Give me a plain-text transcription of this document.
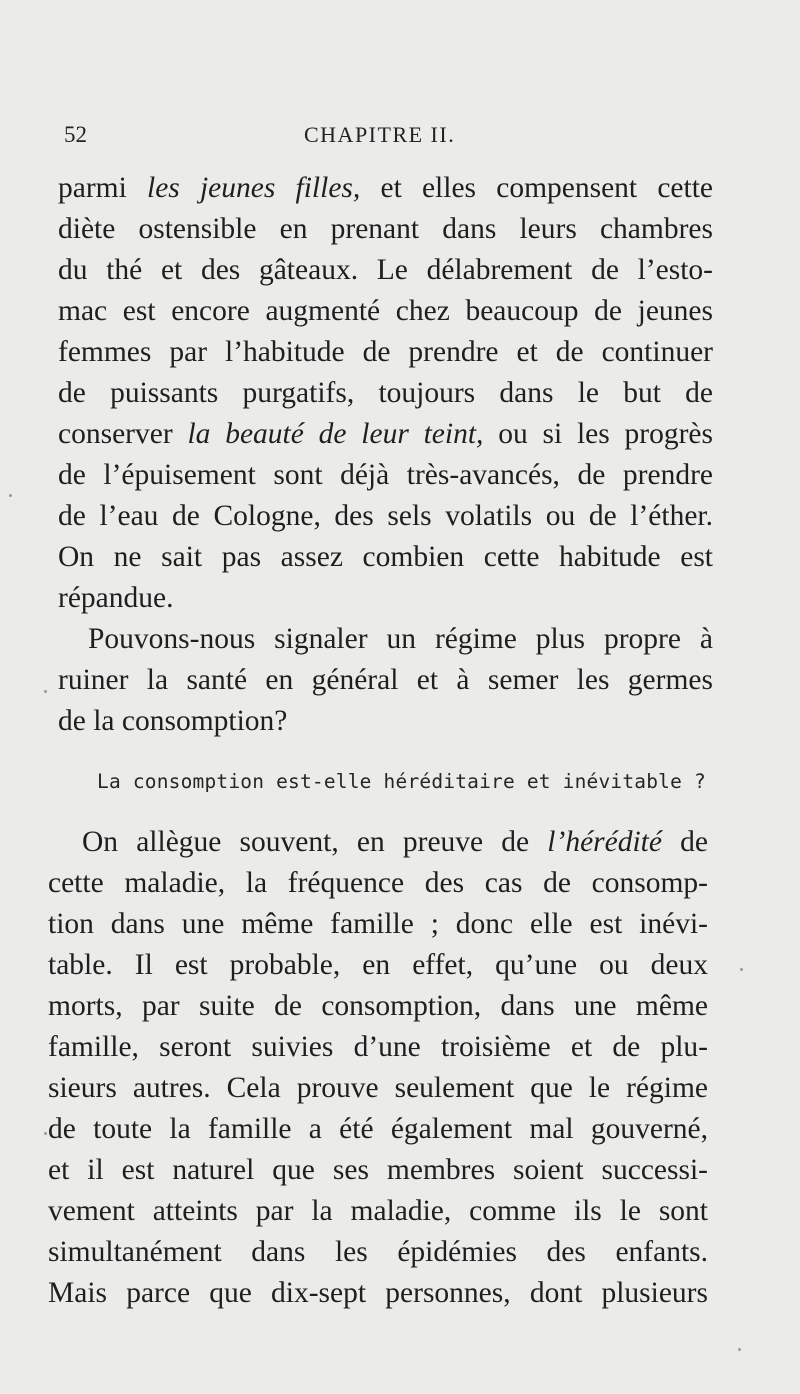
52	CHAPITRE II.
parmi les jeunes filles, et elles compensent cette
diète ostensible en prenant dans leurs chambres
du thé et des gâteaux. Le délabrement de l’esto-
mac est encore augmenté chez beaucoup de jeunes
femmes par l’habitude de prendre et de continuer
de puissants purgatifs, toujours dans le but de
conserver la beauté de leur teint, ou si les progrès
de l’épuisement sont déjà très-avancés, de prendre
de l’eau de Cologne, des sels volatils ou de l’éther.
On ne sait pas assez combien cette habitude est
répandue.
Pouvons-nous signaler un régime plus propre à
ruiner la santé en général et à semer les germes
de la consomption?
La consomption est-elle héréditaire et inévitable ?
On allègue souvent, en preuve de l’hérédité de
cette maladie, la fréquence des cas de consomp-
tion dans une même famille ; donc elle est inévi-
table. Il est probable, en effet, qu’une ou deux
morts, par suite de consomption, dans une même
famille, seront suivies d’une troisième et de plu-
sieurs autres. Cela prouve seulement que le régime
de toute la famille a été également mal gouverné,
et il est naturel que ses membres soient successi-
vement atteints par la maladie, comme ils le sont
simultanément dans les épidémies des enfants.
Mais parce que dix-sept personnes, dont plusieurs
